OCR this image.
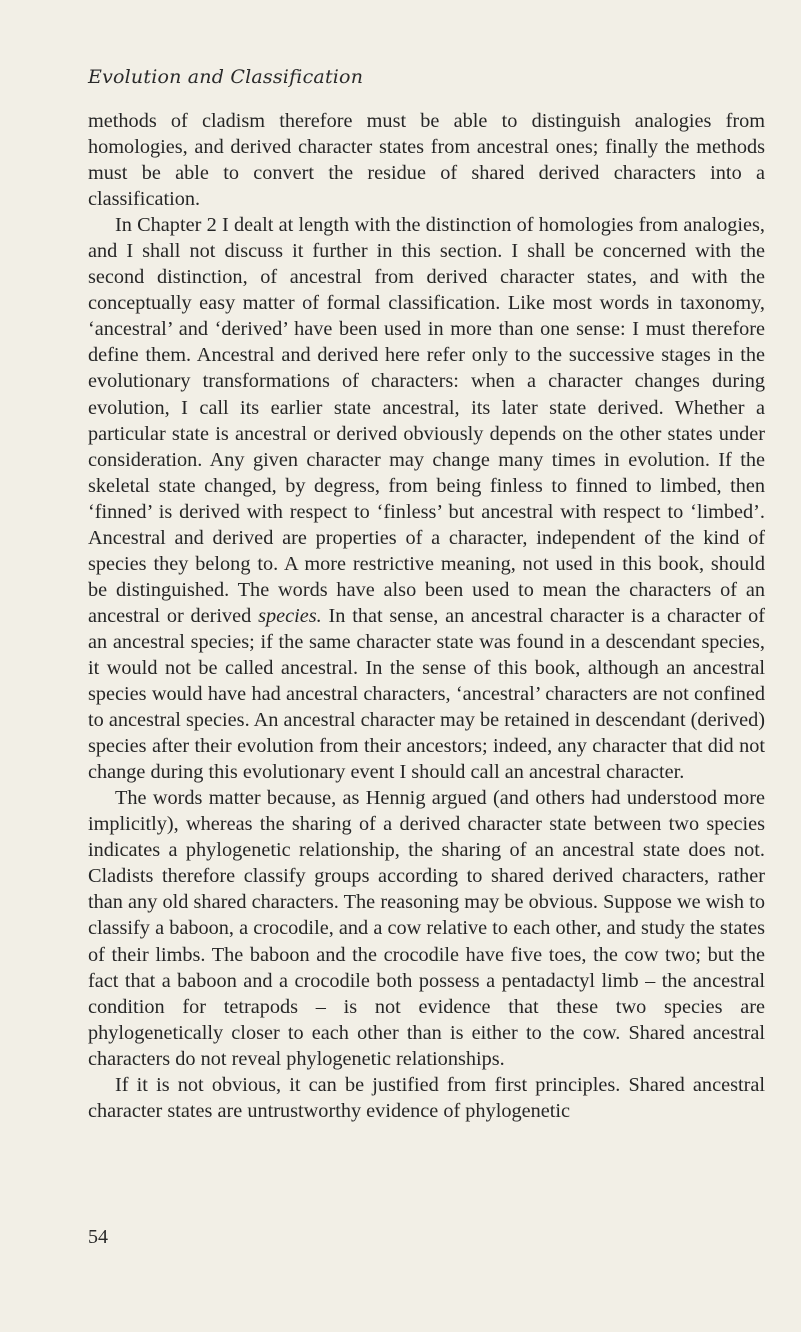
Evolution and Classification

methods of cladism therefore must be able to distinguish analogies from homologies, and derived character states from ancestral ones; finally the methods must be able to convert the residue of shared derived characters into a classification.

In Chapter 2 I dealt at length with the distinction of homologies from analogies, and I shall not discuss it further in this section. I shall be concerned with the second distinction, of ancestral from derived character states, and with the conceptually easy matter of formal classification. Like most words in taxonomy, ‘ancestral’ and ‘derived’ have been used in more than one sense: I must therefore define them. Ancestral and derived here refer only to the successive stages in the evolutionary transformations of characters: when a character changes during evolution, I call its earlier state ancestral, its later state derived. Whether a particular state is ancestral or derived obviously depends on the other states under consideration. Any given character may change many times in evolution. If the skeletal state changed, by degress, from being finless to finned to limbed, then ‘finned’ is derived with respect to ‘finless’ but ancestral with respect to ‘limbed’. Ancestral and derived are properties of a character, independent of the kind of species they belong to. A more restrictive meaning, not used in this book, should be distinguished. The words have also been used to mean the characters of an ancestral or derived species. In that sense, an ancestral character is a character of an ancestral species; if the same character state was found in a descendant species, it would not be called ancestral. In the sense of this book, although an ancestral species would have had ancestral characters, ‘ancestral’ characters are not confined to ancestral species. An ancestral character may be retained in descendant (derived) species after their evolution from their ancestors; indeed, any character that did not change during this evolutionary event I should call an ancestral character.

The words matter because, as Hennig argued (and others had understood more implicitly), whereas the sharing of a derived character state between two species indicates a phylogenetic relationship, the sharing of an ancestral state does not. Cladists therefore classify groups according to shared derived characters, rather than any old shared characters. The reasoning may be obvious. Suppose we wish to classify a baboon, a crocodile, and a cow relative to each other, and study the states of their limbs. The baboon and the crocodile have five toes, the cow two; but the fact that a baboon and a crocodile both possess a pentadactyl limb – the ancestral condition for tetrapods – is not evidence that these two species are phylogenetically closer to each other than is either to the cow. Shared ancestral characters do not reveal phylogenetic relationships.

If it is not obvious, it can be justified from first principles. Shared ancestral character states are untrustworthy evidence of phylogenetic

54
